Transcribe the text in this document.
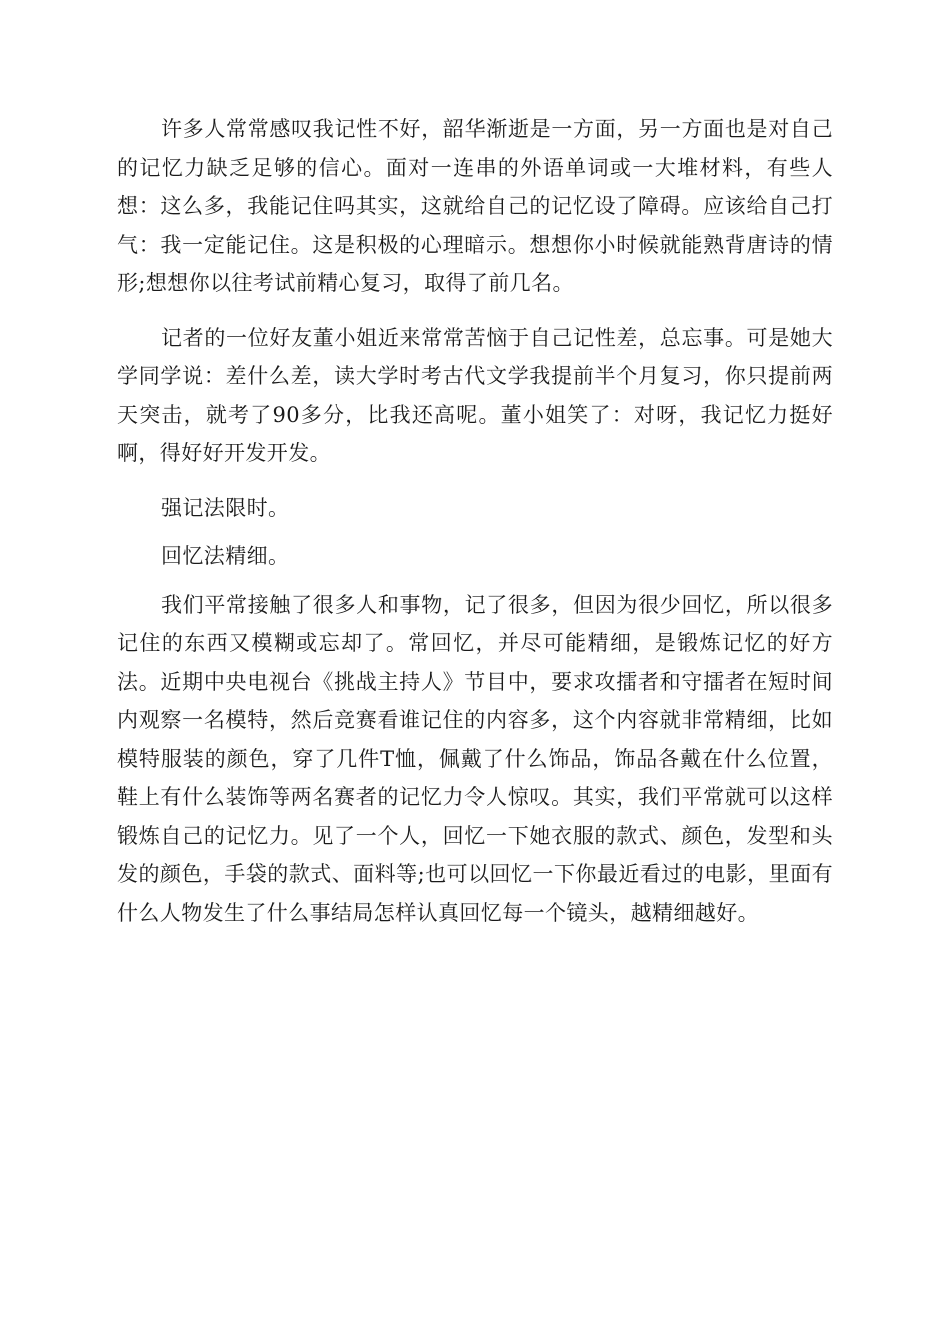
许多人常常感叹我记性不好，韶华渐逝是一方面，另一方面也是对自己的记忆力缺乏足够的信心。面对一连串的外语单词或一大堆材料，有些人想：这么多，我能记住吗其实，这就给自己的记忆设了障碍。应该给自己打气：我一定能记住。这是积极的心理暗示。想想你小时候就能熟背唐诗的情形;想想你以往考试前精心复习，取得了前几名。

记者的一位好友董小姐近来常常苦恼于自己记性差，总忘事。可是她大学同学说：差什么差，读大学时考古代文学我提前半个月复习，你只提前两天突击，就考了90多分，比我还高呢。董小姐笑了：对呀，我记忆力挺好啊，得好好开发开发。

强记法限时。

回忆法精细。

我们平常接触了很多人和事物，记了很多，但因为很少回忆，所以很多记住的东西又模糊或忘却了。常回忆，并尽可能精细，是锻炼记忆的好方法。近期中央电视台《挑战主持人》节目中，要求攻擂者和守擂者在短时间内观察一名模特，然后竞赛看谁记住的内容多，这个内容就非常精细，比如模特服装的颜色，穿了几件T恤，佩戴了什么饰品，饰品各戴在什么位置，鞋上有什么装饰等两名赛者的记忆力令人惊叹。其实，我们平常就可以这样锻炼自己的记忆力。见了一个人，回忆一下她衣服的款式、颜色，发型和头发的颜色，手袋的款式、面料等;也可以回忆一下你最近看过的电影，里面有什么人物发生了什么事结局怎样认真回忆每一个镜头，越精细越好。
